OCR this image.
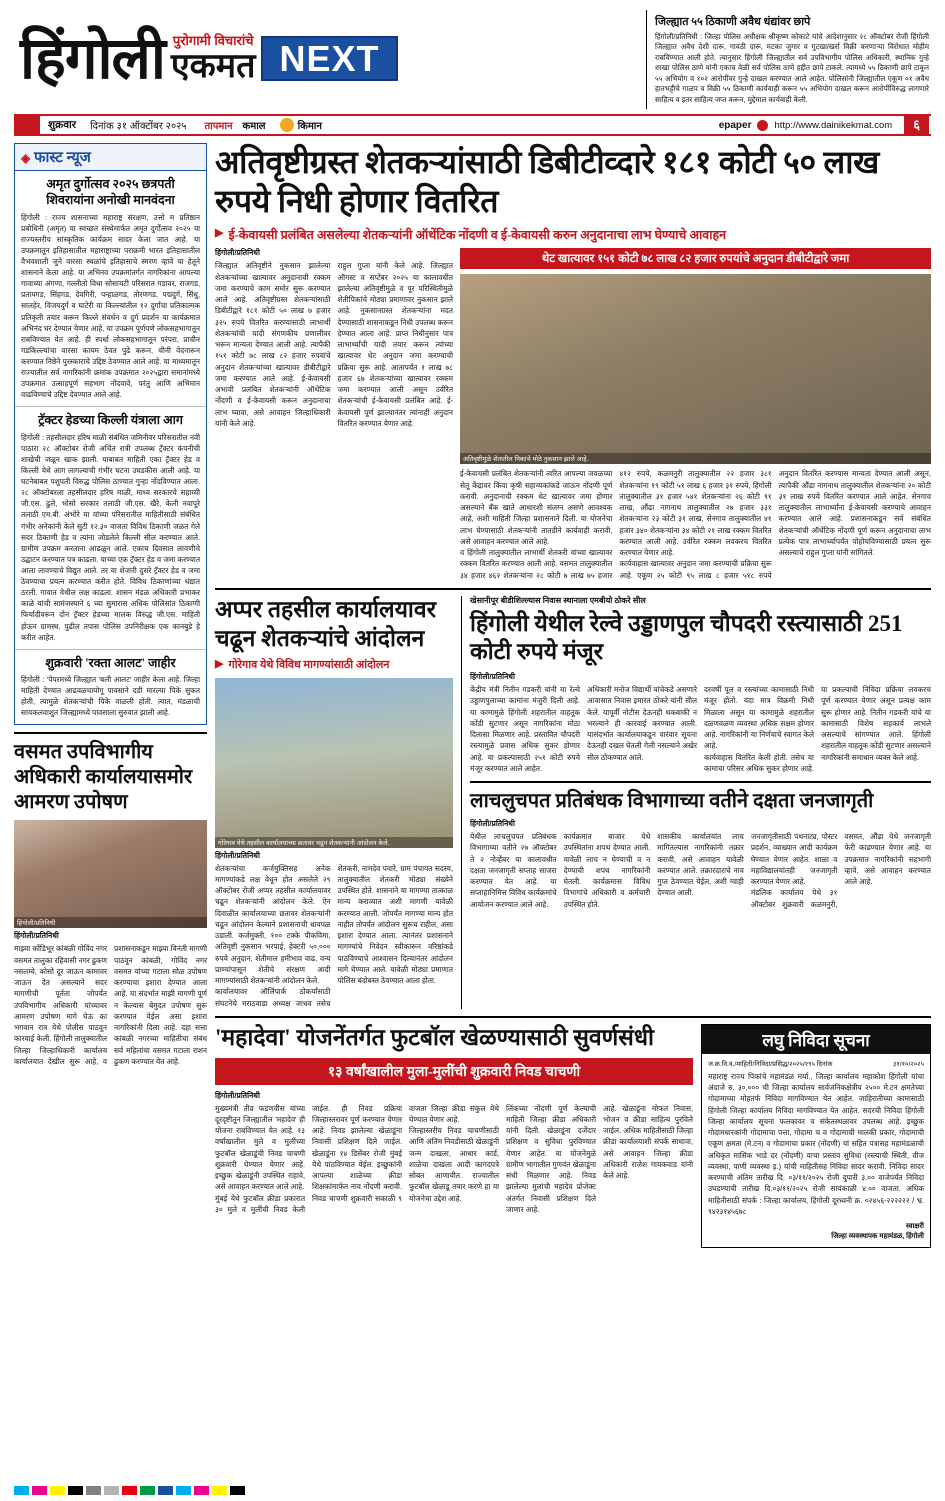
हिंगोली पुरोगामी विचारांचे
एकमत NEXT
जिल्ह्यात ५५ ठिकाणी अवैध धंद्यांवर छापे

हिंगोली/प्रतिनिधी : जिल्हा पोलिस अधीक्षक श्रीकृष्ण कोकाटे यांचे आदेशानुसार २८ ऑक्टोबर रोजी हिंगोली जिल्ह्यात अवैध देशी दारू, गावठी दारू, मटका जुगार व गुटखा/खर्रा विक्री करणाऱ्या विरोधात मोहीम राबविण्यात आली होते. त्यानुसार हिंगोली जिल्ह्यातील सर्व उपविभागीय पोलिस अधिकारी, स्थानिक गुन्हे शाखा पोलिस ठाणे यांनी एकाच वेळी सर्व पोलिस ठाणे हद्दीत छापे टाकले. त्यामध्ये ५५ ठिकाणी छापे टाकून ५५ अभियोग व १०२ आरोपींवर गुन्हे दाखल करण्यात आले आहेत. पोलिसांनी जिल्ह्यातील एकूण ०१ अवैध हातभट्टीचे गाळप व विक्री ५५ ठिकाणी कार्यवाही करून ५५ अभियोग दाखल करून आरोपींविरुद्ध लागणारे साहित्य व इतर साहित्य जप्त करून, मुद्देमाल कार्यवाही केली.

शुक्रवार	दिनांक ३१ ऑक्टोंबर २०२५	तापमान कमाल	किमान	epaper http://www.dainikekmat.com	६
◈ फास्ट न्यूज

अमृत दुर्गोत्सव २०२५ छत्रपती शिवरायांना अनोखी मानवंदना

हिंगोली : राज्य शासनाच्या महाराष्ट्र संरक्षण, उत्तो म प्रतिष्ठान प्रबोधिनी (अमृत) या स्वच्छत संस्थेमार्फत अमृत दुर्गोत्सव २०२५ या राज्यस्तरीय सांस्कृतिक कार्यक्रम सादर केला जात आहे. या उपक्रमातून इतिहासातील महाराष्ट्राच्या पराक्रमी भारत इतिहासातील वैभवशाली जुने वारसा स्थळांचे इतिहासाचे स्मरण व्हावे या हेतूने शासनाने केला आहे. या अभिनव उपक्रमांतर्गत नागरिकांना आपल्या गावाच्या अंगणा, गल्लीतो विधा सोसायटी परिसरात गडावर, राजगड, प्रतापगड, सिंहगड, देवगिरी, पन्हाळगड, तोरणगड, पद्मदुर्ग, सिंधु, सालहेर, विजयदुर्ग व घाटेरी या किल्ल्यांतील १२ दुर्गांचा प्रतिकात्मक प्रतिकृती तयार करून किल्ले संवर्धन व दुर्ग प्रदर्शन या कार्यक्रमात अभिनंद घर देण्यात येणार आहे, या उपक्रम पूर्णपणे लोकसहभागातून राबविण्यात येत आहे. ही स्पर्धा लोकसहभागातून परंपरा, प्राचीन गडकिल्ल्यांचा वारसा कायम ठेवत पुढे करून, चीनी वेदनारून करण्यात निष्ठेने पुरस्काराचे उद्दिष्ट ठेवण्यात आले आहे. या माध्यमातून राज्यातील सर्व नागरिकांनी क्रमांक उपक्रमात २०२५द्वारा समानांमध्ये उपक्रमात उत्साहपूर्ण सहभाग नोंदवावे, परंतु आणि अभिमान वाढविण्याचे उद्दिष्ट देवण्यात आले आहे.

ट्रॅक्टर हेडच्या किल्ली यंत्राला आग

हिंगोली : तहसीलदार हरिष माळी संबंधित जमिनीवर परिसरातील नवी पाठारा २८ ऑक्टोबर रोजी अचिंत रात्री उपलब्ध ट्रॅक्टर कंपनीची शाखेची जळून खाक झाली. याबाबत माहिती एका ट्रॅक्टर हेड व किल्ली येथे आग लागल्याची गंभीर घटना उघडकीस आली आहे. या घटनेबाबत पशुपती विरुद्ध पोलिस ठाण्यात गुन्हा नोंदविण्यात आला. २८ ऑक्टोबरला तहसीलदार हरिष माळी, माध्य सरकारचे सहाय्यी जी.एस. ढुले, भोसो सरकार तलाठी जी.एस. खैरे, केली नवापूरे तलाठी एम.बी. अंभोरे या यांच्या परिसरातील माहितीसाठी संबंधित गंभीर अनेकांनी केले सुटी १२.३० वाजता विविध ठिकाणी जळत गेले सदर ठिकाणी हेड व त्यांना जोडलेले किल्ली सील करण्यात आले. ग्रामीण उपक्रम करताना आढळून आले. एकाच दिवसात लावणीचे उद्घाटन करण्यात पत्र काढला. याच्या एक ट्रॅक्टर हेड व जमा करण्यात आला लावण्याचे विद्युत आले. तर या शेजारी दुसरे ट्रॅक्टर हेड व जमा ठेवण्याचा प्रयत्न करण्यात करीत होते. विविध ठिकाणांच्या धंद्यात ठरली. गावात येथील लक्ष काढला. शासन मंडळ अधिकारी प्रभाकर काळे यांची सामंजस्याने ६ च्या सुमारास अधिक पोलिसांत ठिकाणी फिर्यादीवरून दोन ट्रॅक्टर हेडच्या मालक विरुद्ध जी.एस. माहिती होऊन ग्रामस्थ, पुढील तपास पोलिस उपनिरीक्षक एक कानबुडे हे करीत आहेत.

शुक्रवारी 'रक्ता आलट' जाहीर

हिंगोली : 'पेपरमध्ये जिल्ह्यात 'बली आलट' जाहीर केला आहे. जिल्हा माहिती देण्यात आढवळचायोगू पावसाने दडी मारल्या पिके सुकत होती, त्यामुळे शेतकऱ्यांची पिके वाळली होती. त्यात, मंडळाची सायकलवाशुत जिल्ह्यामध्ये पावसाला सुरुवात झाली आहे.

वसमत उपविभागीय अधिकारी कार्यालयासमोर आमरण उपोषण
हिंगोली/प्रतिनिधी

हिंगोली/प्रतिनिधी

माझ्या कोंडिभूर कांबळी गोविंद नगर वसमत तालुका रहिवासी नगर ढुकण नसलम्ये, कोसो दूर जाऊन कामावर जाऊन देत असल्याने सदर मागणीची पूर्तता जोपर्यंत उपविभागीय अधिकारी यांच्यावर आमरण उपोषण मागे घेऊ का भगवान रात्र येथे पोलीस पाठवून कारवाई केली. हिंगोली तालुक्यातील जिल्हा जिल्हाधिकारी कार्यालय कार्यालयात देखील सुरू आहे, व प्रशासनाकडून माझ्या विनंती मागणी पाठवून कांबळी, गोविंद नगर वसमत यांच्या गटाला सोळ उपोषण करण्याचा इशारा देण्यात आला आहे. या संदर्भात माझी मागणी पूर्ण न केल्यास बेमुदत उपोषण सुरू करण्यात येईल असा इशारा नागरिकांनी दिला आहे. दहा सत्ता कांबळी नगरच्या माहितीचा संबंध सर्व महिलांचा वसमत गटाला राशन ढुकण करण्यात येत आहे.

अतिवृष्टीग्रस्त शेतकऱ्यांसाठी डिबीटीव्दारे १८१ कोटी ५० लाख रुपये निधी होणार वितरित
▶ ई-केवायसी प्रलंबित असलेल्या शेतकऱ्यांनी ऑथेंटिक नोंदणी व ई-केवायसी करुन अनुदानाचा लाभ घेण्याचे आवाहन

हिंगोली/प्रतिनिधी

जिल्ह्यात अतिवृष्टीने नुकसान झालेल्या शेतकऱ्यांच्या खात्यावर अनुदानाची रक्कम जमा करण्याचे काम समोर सुरू करण्यात आले आहे. अतिवृष्टीग्रस्त शेतकऱ्यांसाठी डिबीटीद्वारे १८१ कोटी ५० लाख ७ हजार ३२५ रुपये वितरित करण्यासाठी लाभार्थी शेतकऱ्यांची यादी संगणकीय प्रणालीवर भरून मान्यता देण्यात आली आहे. त्यापैकी १५१ कोटी ७८ लाख ८२ हजार रुपयांचे अनुदान शेतकऱ्यांच्या खात्यावर डीबीटीद्वारे जमा करण्यात आले आहे. ई-केवायसी अभावी प्रलंबित शेतकऱ्यांनी ऑथेंटिक नोंदणी व ई-केवायसी करून अनुदानाचा लाभ घ्यावा, असे आवाहन जिल्हाधिकारी यांनी केले आहे.

राहुल गुप्ता यांनी केले आहे. जिल्ह्यात ऑगस्ट व सप्टेंबर २०२५ या कालावधीत झालेल्या अतिवृष्टीमुळे व पूर परिस्थितीमुळे शेतीपिकांचे मोठ्या प्रमाणावर नुकसान झाले आहे. नुकसानग्रस्त शेतकऱ्यांना मदत देण्यासाठी शासनाकडून निधी उपलब्ध करून देण्यात आला आहे. प्राप्त निधीनुसार पात्र लाभार्थ्यांची यादी तयार करून त्यांच्या खात्यावर थेट अनुदान जमा करण्याची प्रक्रिया सुरू आहे. आतापर्यंत १ लाख ७८ हजार ६७ शेतकऱ्यांच्या खात्यावर रक्कम जमा करण्यात आली असून उर्वरित शेतकऱ्यांची ई-केवायसी प्रलंबित आहे. ई-केवायसी पूर्ण झाल्यानंतर त्यांनाही अनुदान वितरित करण्यात येणार आहे.

थेट खात्यावर १५१ कोटी ७८ लाख ८२ हजार रुपयांचे अनुदान डीबीटीद्वारे जमा
अतिवृष्टीमुळे शेतातील पिकांचे मोठे नुकसान झाले आहे.

ई-केवायसी प्रलंबित शेतकऱ्यांनी त्वरित आपल्या जवळच्या सेतू केंद्रावर किंवा कृषी सहाय्यकांकडे जाऊन नोंदणी पूर्ण करावी. अनुदानाची रक्कम थेट खात्यावर जमा होणार असल्याने बँक खाते आधारशी संलग्न असणे आवश्यक आहे, अशी माहिती जिल्हा प्रशासनाने दिली. या योजनेचा लाभ घेण्यासाठी शेतकऱ्यांनी तातडीने कार्यवाही करावी, असे आवाहन करण्यात आले आहे.

व हिंगोली तालुक्यातील लाभार्थी शेतकरी यांच्या खात्यावर रक्कम वितरित करण्यात आली आहे. वसमत तालुक्यातील ३४ हजार ४६२ शेतकऱ्यांना २८ कोटी ७ लाख ७५ हजार ४१२ रुपये, कळमनुरी तालुक्यातील २२ हजार ३८१ शेतकऱ्यांना १९ कोटी ५१ लाख ६ हजार ३१ रुपये, हिंगोली तालुक्यातील ३१ हजार ५४१ शेतकऱ्यांना २६ कोटी ९१ लाख, औंढा नागनाथ तालुक्यातील २७ हजार ३३१ शेतकऱ्यांना २३ कोटी ३१ लाख, सेनगाव तालुक्यातील ४१ हजार ३४० शेतकऱ्यांना ३४ कोटी २१ लाख रक्कम वितरित करण्यात आली आहे. उर्वरित रक्कम लवकरच वितरित करण्यात येणार आहे.

कार्यवाहास खात्यावर अनुदान जमा करण्याची प्रक्रिया सुरू आहे. एकूण २५ कोटी ९५ लाख ८ हजार ५१८ रुपये अनुदान वितरित करण्यास मान्यता देण्यात आली असून, त्यापैकी औंढा नागनाथ तालुक्यातील शेतकऱ्यांना २० कोटी ३१ लाख रुपये वितरित करण्यात आले आहेत. सेनगाव तालुक्यातील लाभार्थ्यांना ई-केवायसी करण्याचे आवाहन करण्यात आले आहे. प्रशासनाकडून सर्व संबंधित शेतकऱ्यांची ऑथेंटिक नोंदणी पूर्ण करून अनुदानाचा लाभ प्रत्येक पात्र लाभार्थ्यापर्यंत पोहोचविण्यासाठी प्रयत्न सुरू असल्याचे राहुल गुप्ता यांनी सांगितले.

अप्पर तहसील कार्यालयावर चढून शेतकऱ्यांचे आंदोलन
▶ गोरेगाव येथे विविध मागण्यांसाठी आंदोलन
गोरेगाव येथे तहसील कार्यालयाच्या छतावर चढून शेतकऱ्यांनी आंदोलन केले.

हिंगोली/प्रतिनिधी

शेतकऱ्यांचा कर्जमुक्तिसह अनेक मागण्यांकडे लक्ष वेधून होत असलेले २९ ऑक्टोबर रोजी अप्पर तहसील कार्यालयावर चढून शेतकऱ्यांनी आंदोलन केले. ऐन दिवाळीत कार्यालयाच्या छतावर शेतकऱ्यांनी चढून आंदोलन केल्याने प्रशासनाची धावपळ उडाली. कर्जमुक्ती, १०० टक्के पीकविमा, अतिवृष्टी नुकसान भरपाई, हेक्टरी ५०,००० रुपये अनुदान, शेतीमाल हमीभाव वाढ, वन्य प्राण्यांपासून शेतीचे संरक्षण आदी मागण्यांसाठी शेतकऱ्यांनी आंदोलन केले.

कार्यालयावर ऑलिंपार्क ठोकर्यांसाठी संघटनेचे मराठवाडा अध्यक्ष जाधव तसेच शेतकरी, नामदेव पवारे, ग्राम पंचायत सदस्य, तालुक्यातील शेतकरी मोठ्या संख्येने उपस्थित होते. शासनाने या मागण्या तात्काळ मान्य कराव्यात अशी मागणी यावेळी करण्यात आली. जोपर्यंत मागण्या मान्य होत नाहीत तोपर्यंत आंदोलन सुरूच राहील, असा इशारा देण्यात आला. त्यानंतर प्रशासनाने मागण्यांचे निवेदन स्वीकारून वरिष्ठांकडे पाठविण्याचे आश्वासन दिल्यानंतर आंदोलन मागे घेण्यात आले. यावेळी मोठ्या प्रमाणात पोलिस बंदोबस्त ठेवण्यात आला होता.

खेसानीपूर बीडीशिल्ल्यास निवास स्थानाला एमबीयो ठोकरे सील

हिंगोली येथील रेल्वे उड्डाणपुल चौपदरी रस्त्यासाठी 251 कोटी रुपये मंजूर

हिंगोली/प्रतिनिधी

केंद्रीय मंत्री नितीन गडकरी यांनी या रेल्वे उड्डाणपुलाच्या कामांना मंजुरी दिली आहे. या कामामुळे हिंगोली शहरातील वाहतूक कोंडी सुटणार असून नागरिकांना मोठा दिलासा मिळणार आहे. प्रस्तावित चौपदरी रस्त्यामुळे प्रवास अधिक सुकर होणार आहे. या प्रकल्पासाठी २५१ कोटी रुपये मंजूर करण्यात आले आहेत.

अधिकारी मनोज विद्यार्थी यांचेकडे असणारे आवासात निवास इमारत ठोकरे यांनी सील केले. यापूर्वी नोटीस देऊनही थकबाकी न भरल्याने ही कारवाई करण्यात आली. यासंदर्भात कार्यालयाकडून वारंवार सूचना देऊनही दखल घेतली गेली नसल्याने अखेर सील ठोकण्यात आले.

दरवर्षी पूल व रस्त्यांच्या कामासाठी निधी मंजूर होतो. यंदा मात्र विक्रमी निधी मिळाला असून या कामामुळे शहरातील दळणवळण व्यवस्था अधिक सक्षम होणार आहे. नागरिकांनी या निर्णयाचे स्वागत केले आहे.

कार्यवाहास वितरित केली होती. तसेच या कामाचा परिसर अधिक सुकर होणार आहे. या प्रकल्पाची निविदा प्रक्रिया लवकरच पूर्ण करण्यात येणार असून प्रत्यक्ष काम सुरू होणार आहे. नितीन गडकरी यांचे या कामासाठी विशेष सहकार्य लाभले असल्याचे सांगण्यात आले. हिंगोली शहरातील वाहतूक कोंडी सुटणार असल्याने नागरिकांनी समाधान व्यक्त केले आहे.

लाचलुचपत प्रतिबंधक विभागाच्या वतीने दक्षता जनजागृती

हिंगोली/प्रतिनिधी

येथील लाचलुचपत प्रतिबंधक विभागाच्या वतीने २७ ऑक्टोबर ते २ नोव्हेंबर या कालावधीत दक्षता जनजागृती सप्ताह साजरा करण्यात येत आहे. या सप्ताहानिमित्त विविध कार्यक्रमांचे आयोजन करण्यात आले आहे.

कार्यक्रमात बाजार येथे उपस्थितांना शपथ देण्यात आली. यावेळी लाच न घेण्याची व न देण्याची शपथ नागरिकांनी घेतली. कार्यक्रमास विविध विभागांचे अधिकारी व कर्मचारी उपस्थित होते.

शासकीय कार्यालयांत लाच मागितल्यास नागरिकांनी तक्रार करावी, असे आवाहन यावेळी करण्यात आले. तक्रारदाराचे नाव गुप्त ठेवण्यात येईल, अशी ग्वाही देण्यात आली.

जनजागृतीसाठी पथनाट्य, पोस्टर प्रदर्शन, व्याख्यान आदी कार्यक्रम घेण्यात येणार आहेत. शाळा व महाविद्यालयांतही जनजागृती करण्यात येणार आहे.

मंडलिक कार्यालय येथे ३१ ऑक्टोबर शुक्रवारी कळमनुरी, वसमत, औंढा येथे जनजागृती फेरी काढण्यात येणार आहे. या उपक्रमात नागरिकांनी सहभागी व्हावे, असे आवाहन करण्यात आले आहे.

'महादेवा' योजनेंतर्गत फुटबॉल खेळण्यासाठी सुवर्णसंधी
१३ वर्षांखालील मुला-मुलींची शुक्रवारी निवड चाचणी

हिंगोली/प्रतिनिधी

मुख्यमंत्री तीव्र फडणवीस यांच्या दूरदृष्टीतून जिल्ह्यातील 'महादेव' ही योजना राबविण्यात येत आहे. १३ वर्षांखालील मुले व मुलींच्या फुटबॉल खेळाडूंची निवड चाचणी शुक्रवारी घेण्यात येणार आहे. इच्छुक खेळाडूंनी उपस्थित राहावे, असे आवाहन करण्यात आले आहे.

मुंबई येथे फुटबॉल क्रीडा प्रकारात ३० मुले व मुलींची निवड केली जाईल. ही निवड प्रक्रिया जिल्हास्तरावर पूर्ण करण्यात येणार आहे. निवड झालेल्या खेळाडूंना निवासी प्रशिक्षण दिले जाईल. खेळाडूंना १४ डिसेंबर रोजी मुंबई येथे पाठविण्यात येईल. इच्छुकांनी आपल्या शाळेच्या क्रीडा शिक्षकांमार्फत नाव नोंदणी करावी. निवड चाचणी शुक्रवारी सकाळी ९ वाजता जिल्हा क्रीडा संकुल येथे घेण्यात येणार आहे.

जिल्हास्तरीय निवड चाचणीसाठी आणि अंतिम निवडीसाठी खेळाडूंनी जन्म दाखला, आधार कार्ड, शाळेचा दाखला आदी कागदपत्रे सोबत आणावीत. राज्यातील फुटबॉल खेळाडू तयार करणे हा या योजनेचा उद्देश आहे.

लिंकच्या नोंदणी पूर्ण केल्याची माहिती जिल्हा क्रीडा अधिकारी यांनी दिली. खेळाडूंना दर्जेदार प्रशिक्षण व सुविधा पुरविण्यात येणार आहेत. या योजनेमुळे ग्रामीण भागातील गुणवंत खेळाडूंना संधी मिळणार आहे. निवड झालेल्या मुलांची महादेव प्रोजेक्ट अंतर्गत निवासी प्रशिक्षण दिले जाणार आहे.

आहे. खेळाडूंना मोफत निवास, भोजन व क्रीडा साहित्य पुरविले जाईल. अधिक माहितीसाठी जिल्हा क्रीडा कार्यालयाशी संपर्क साधावा, असे आवाहन जिल्हा क्रीडा अधिकारी राजेश गायकवाड यांनी केले आहे.

लघु निविदा सूचना
ज.क्र.वि.व./माहिती/निविदा/प्रसिद्ध/२०२५/१९५ दिनांक	३१/१०/२०२५

महाराष्ट्र राज्य पिकांचे महामंडळ मर्या., जिल्हा कार्यालय महाकोश हिंगोली यांचा अंदाजे रु. ३०,००० ची जिल्हा कार्यालय सार्वजनिकक्षेत्रीय २५०० मे.टन क्षमतेच्या गोदामाच्या मोहतर्फ निविदा मागविण्यात येत आहेत. जाहिरातीच्या कामासाठी हिंगोली जिल्हा कार्यालय निविदा मागविण्यात येत आहेत. सदरची निविदा हिंगोली जिल्हा कार्यालय सूचना फलकावर व संकेतस्थळावर उपलब्ध आहे. इच्छुक गोदामधारकांनी गोदामाचा पत्ता, गोदामा च व गोदामाची मालकी प्रकार, गोदामाची एकूण क्षमता (मे.टन) व गोदामाचा प्रकार (नोंदणी) यां सहित पत्रासह महामंडळाची अधिकृत मासिक भाडे दर (नोंदणी) याचा प्रस्ताव सुविधा (रस्त्याची स्थिती, वीज व्यवस्था, पाणी व्यवस्था इ.) यांची माहितीसह निविदा सादर करावी. निविदा सादर करण्याची अंतिम तारीख दि. ०३/११/२०२५ रोजी दुपारी ३.०० वाजेपर्यंत निविदा उघडण्याची तारीख दि.०३/११/२०२५ रोजी सायंकाळी ४.०० वाजता. अधिक माहितीसाठी संपर्क : जिल्हा कार्यालय, हिंगोली दूरध्वनी क्र. ०२४५६-२२२२२२ / भ्र. ९४२३१४५६७८

स्वाक्षरी
जिल्हा व्यवस्थापक महामंडळ, हिंगोली
